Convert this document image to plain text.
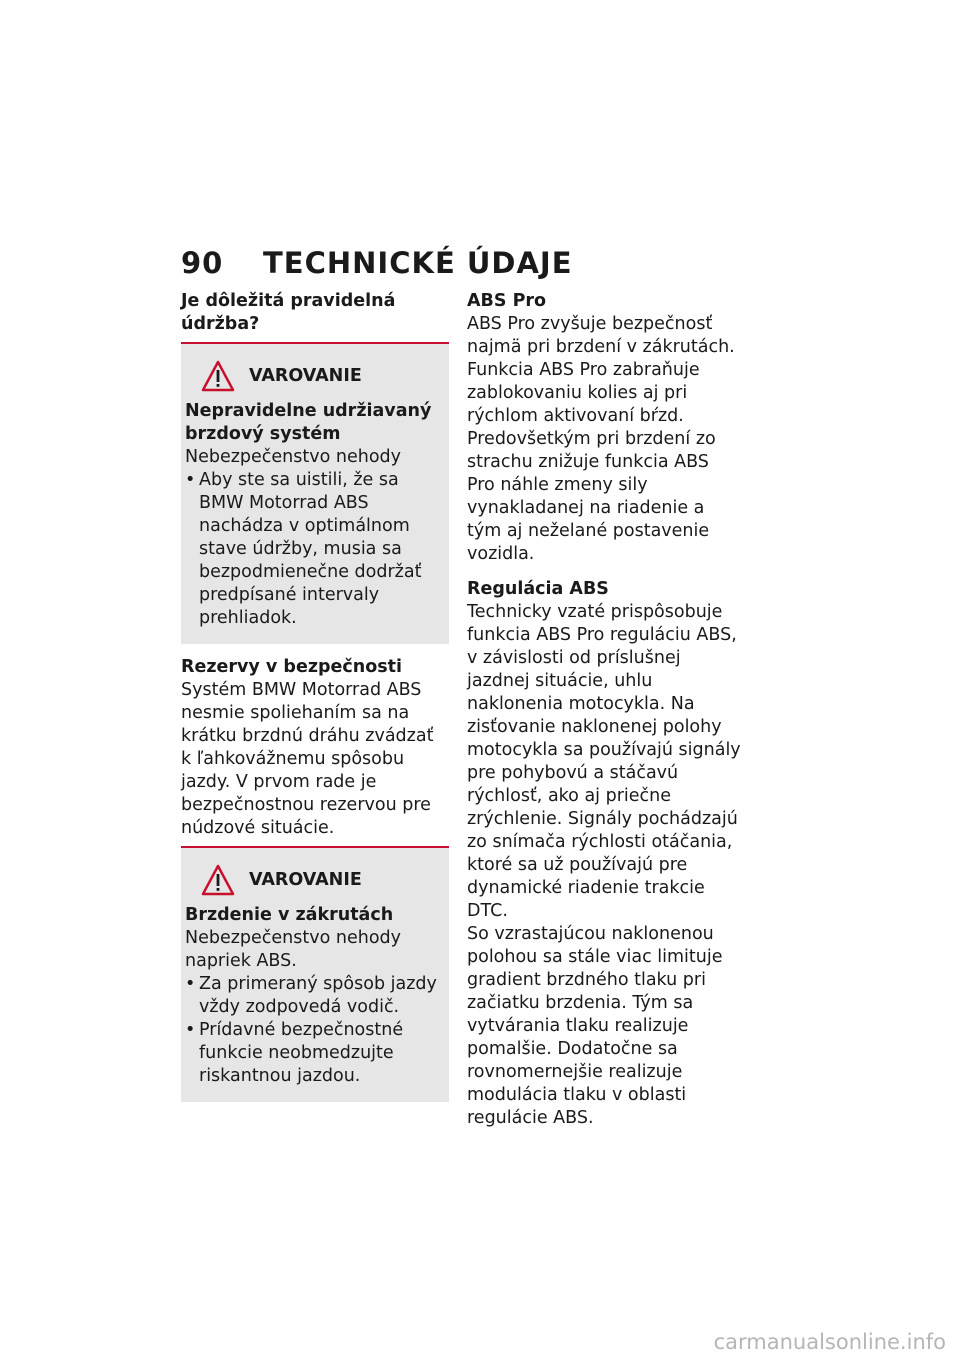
90 TECHNICKÉ ÚDAJE
Je dôležitá pravidelná údržba?
VAROVANIE
Nepravidelne udržiavaný
brzdový systém
Nebezpečenstvo nehody
• Aby ste sa uistili, že sa BMW Motorrad ABS nachádza v optimálnom stave údržby, musia sa bezpodmienečne dodržať predpísané intervaly prehliadok.
Rezervy v bezpečnosti
Systém BMW Motorrad ABS nesmie spoliehaním sa na krátku brzdnú dráhu zvádzať k ľahkovážnemu spôsobu jazdy. V prvom rade je bezpečnostnou rezervou pre núdzové situácie.
VAROVANIE
Brzdenie v zákrutách
Nebezpečenstvo nehody napriek ABS.
• Za primeraný spôsob jazdy vždy zodpovedá vodič.
• Prídavné bezpečnostné funkcie neobmedzujte riskantnou jazdou.
ABS Pro
ABS Pro zvyšuje bezpečnosť najmä pri brzdení v zákrutách. Funkcia ABS Pro zabraňuje zablokovaniu kolies aj pri rýchlom aktivovaní bŕzd. Predovšetkým pri brzdení zo strachu znižuje funkcia ABS Pro náhle zmeny sily vynakladanej na riadenie a tým aj neželané postavenie vozidla.
Regulácia ABS
Technicky vzaté prispôsobuje funkcia ABS Pro reguláciu ABS, v závislosti od príslušnej jazdnej situácie, uhlu naklonenia motocykla. Na zisťovanie naklonenej polohy motocykla sa používajú signály pre pohybovú a stáčavú rýchlosť, ako aj priečne zrýchlenie. Signály pochádzajú zo snímača rýchlosti otáčania, ktoré sa už používajú pre dynamické riadenie trakcie DTC.
So vzrastajúcou naklonenou polohou sa stále viac limituje gradient brzdného tlaku pri začiatku brzdenia. Tým sa vytvárania tlaku realizuje pomalšie. Dodatočne sa rovnomernejšie realizuje modulácia tlaku v oblasti regulácie ABS.
carmanualsonline.info
